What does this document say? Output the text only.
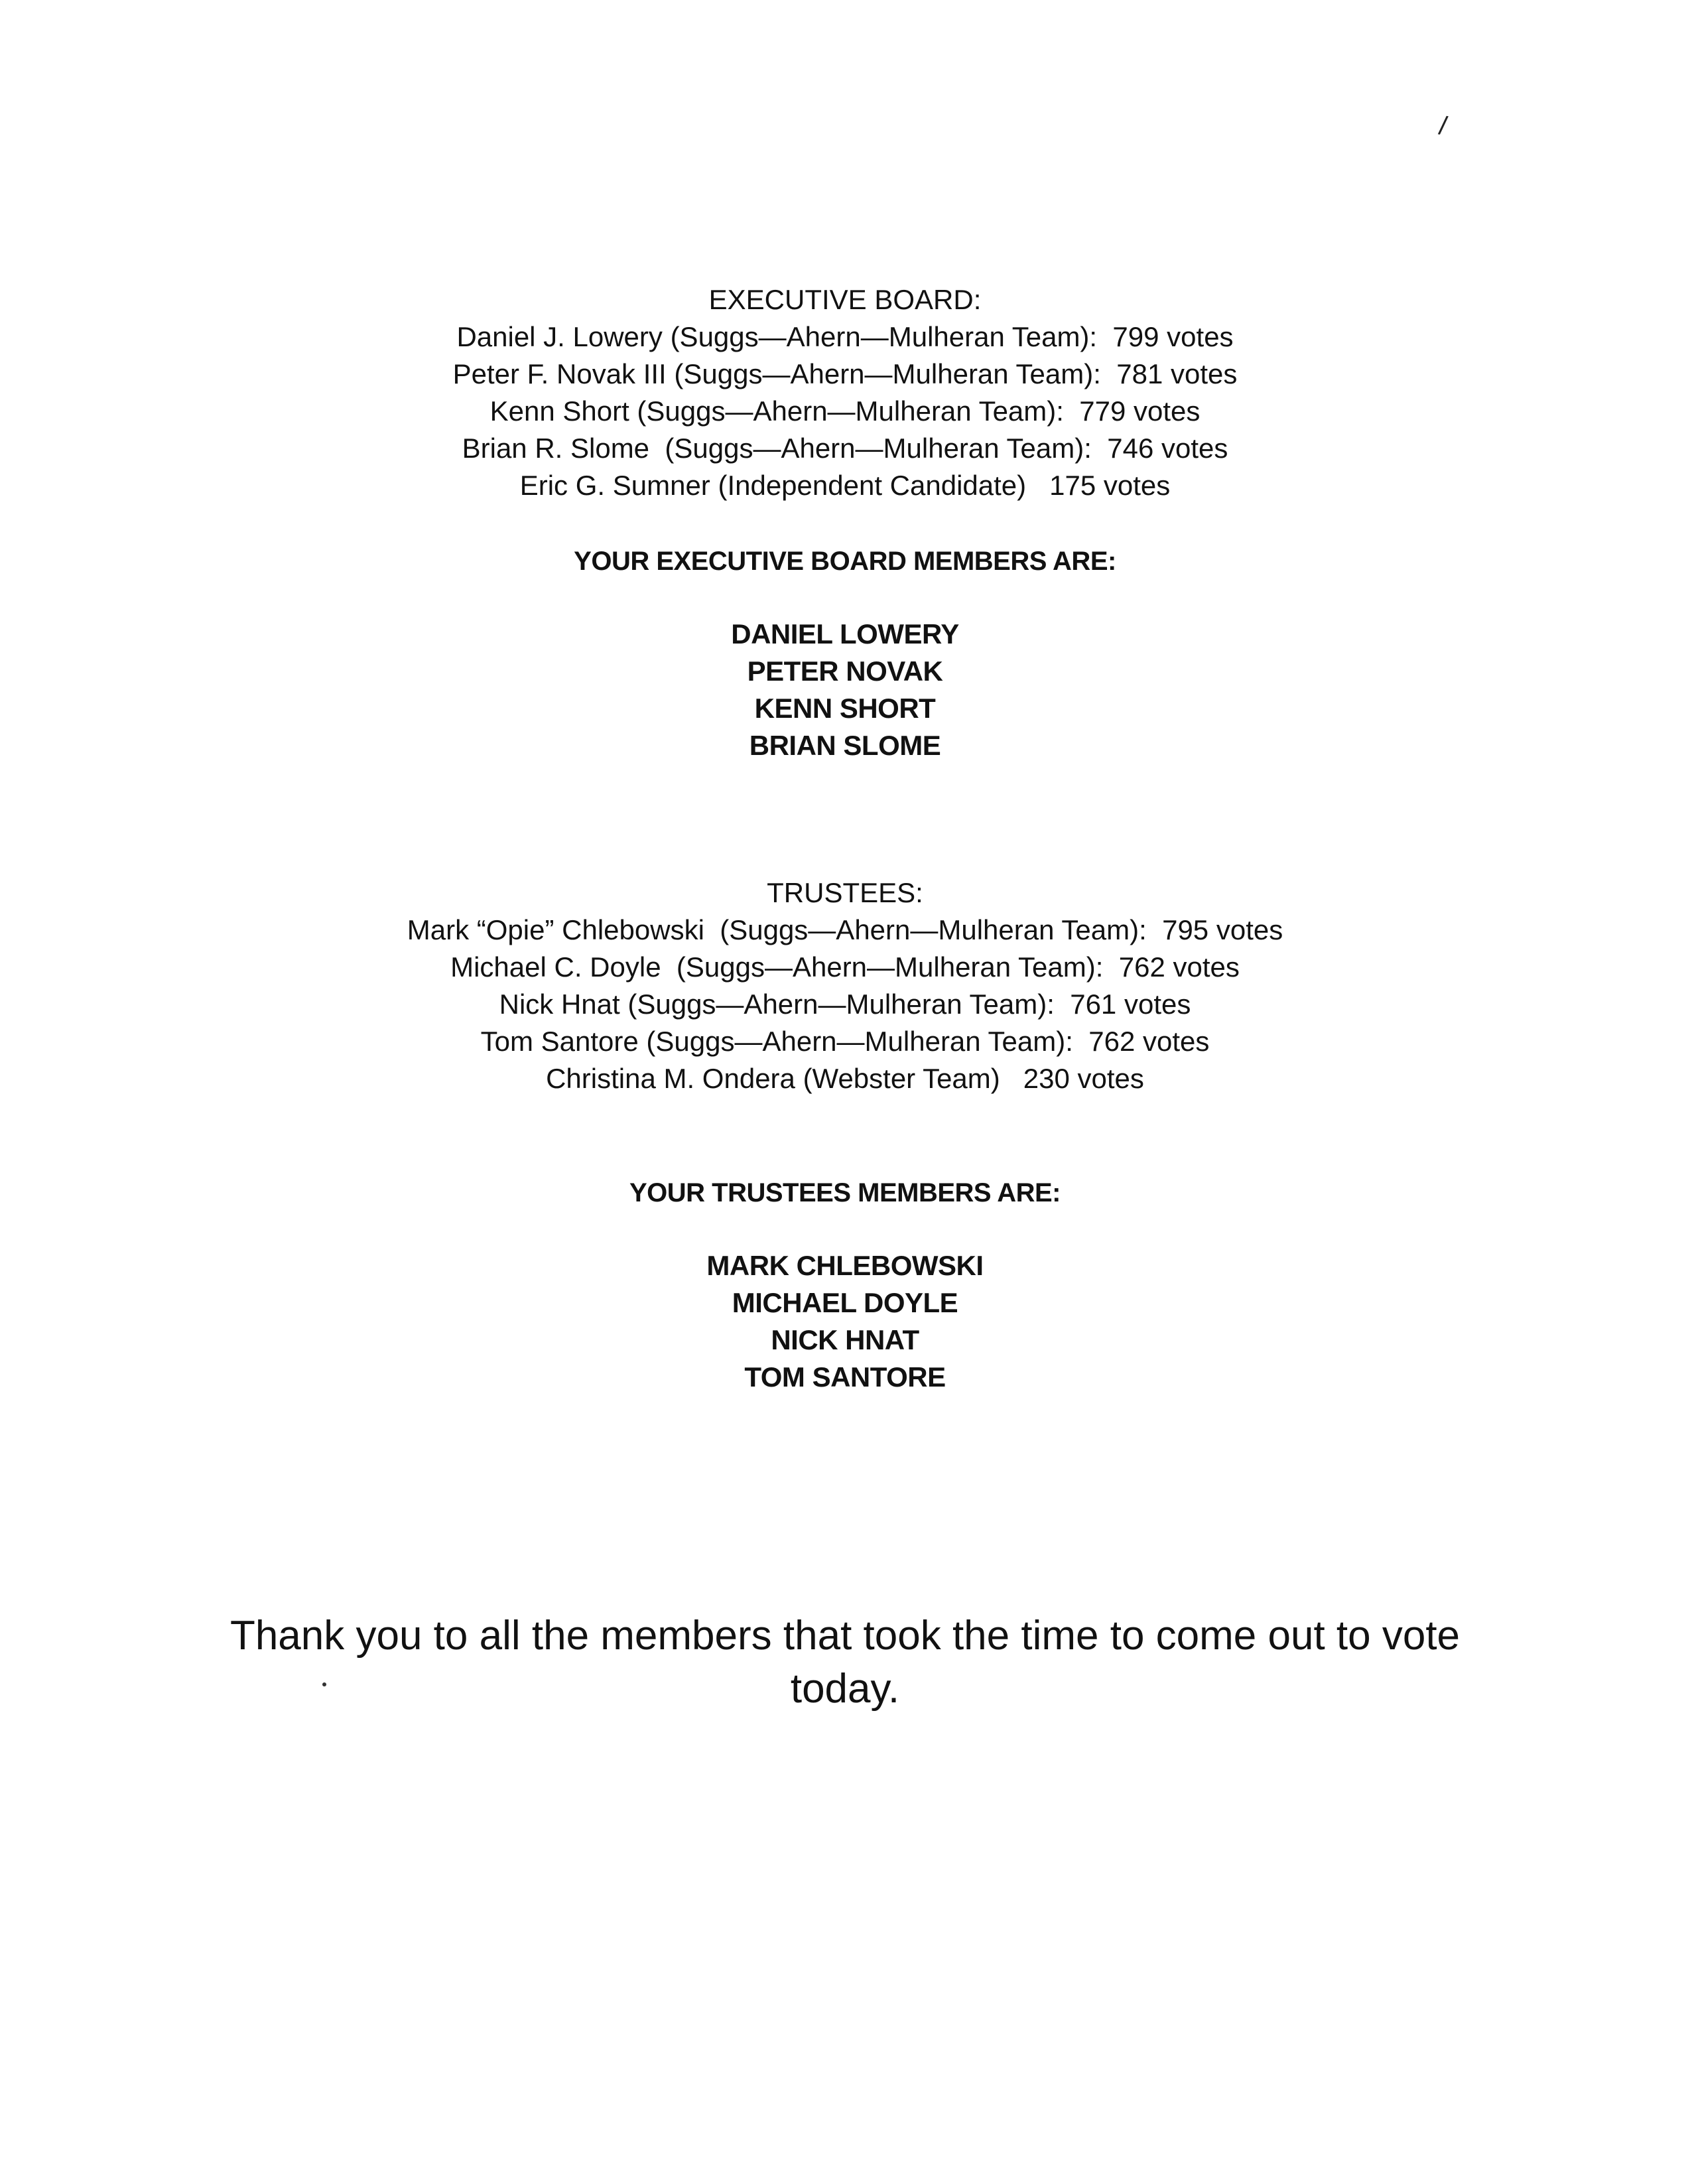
/
EXECUTIVE BOARD:
Daniel J. Lowery (Suggs—Ahern—Mulheran Team):  799 votes
Peter F. Novak III (Suggs—Ahern—Mulheran Team):  781 votes
Kenn Short (Suggs—Ahern—Mulheran Team):  779 votes
Brian R. Slome  (Suggs—Ahern—Mulheran Team):  746 votes
Eric G. Sumner (Independent Candidate)   175 votes
YOUR EXECUTIVE BOARD MEMBERS ARE:
DANIEL LOWERY
PETER NOVAK
KENN SHORT
BRIAN SLOME
TRUSTEES:
Mark “Opie” Chlebowski  (Suggs—Ahern—Mulheran Team):  795 votes
Michael C. Doyle  (Suggs—Ahern—Mulheran Team):  762 votes
Nick Hnat (Suggs—Ahern—Mulheran Team):  761 votes
Tom Santore (Suggs—Ahern—Mulheran Team):  762 votes
Christina M. Ondera (Webster Team)   230 votes
YOUR TRUSTEES MEMBERS ARE:
MARK CHLEBOWSKI
MICHAEL DOYLE
NICK HNAT
TOM SANTORE
Thank you to all the members that took the time to come out to vote today.
